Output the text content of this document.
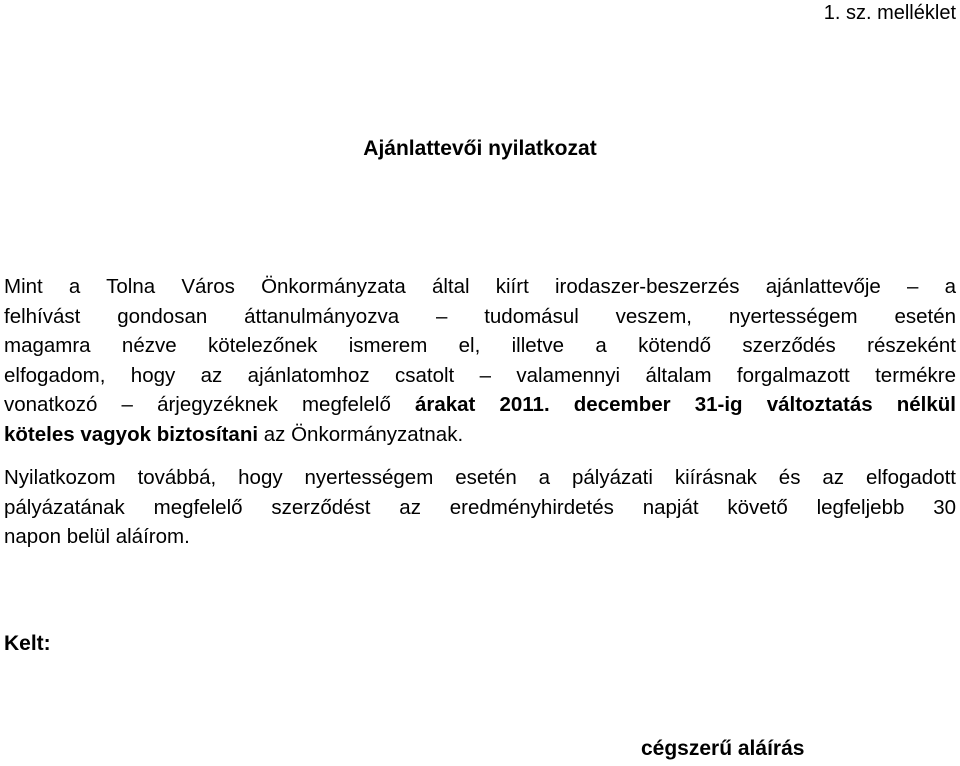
1. sz. melléklet
Ajánlattevői nyilatkozat
Mint a Tolna Város Önkormányzata által kiírt irodaszer-beszerzés ajánlattevője – a
felhívást gondosan áttanulmányozva – tudomásul veszem, nyertességem esetén
magamra nézve kötelezőnek ismerem el, illetve a kötendő szerződés részeként
elfogadom, hogy az ajánlatomhoz csatolt – valamennyi általam forgalmazott termékre
vonatkozó – árjegyzéknek megfelelő árakat 2011. december 31-ig változtatás nélkül
köteles vagyok biztosítani az Önkormányzatnak.
Nyilatkozom továbbá, hogy nyertességem esetén a pályázati kiírásnak és az elfogadott
pályázatának megfelelő szerződést az eredményhirdetés napját követő legfeljebb 30
napon belül aláírom.
Kelt:
cégszerű aláírás
